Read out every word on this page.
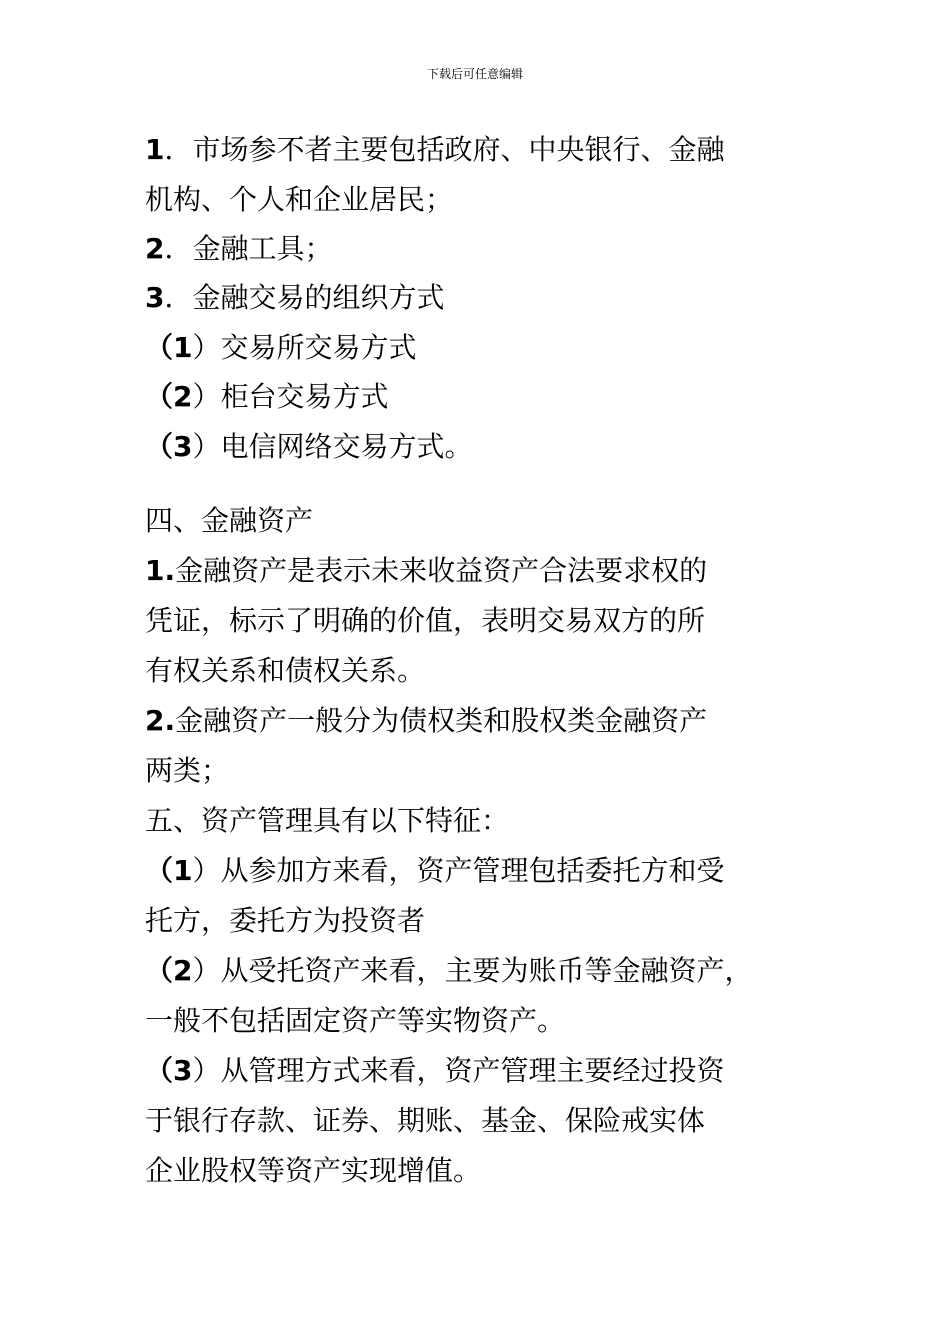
下载后可任意编辑
1．市场参不者主要包括政府、中央银行、金融
机构、个人和企业居民；
2．金融工具；
3．金融交易的组织方式
（1）交易所交易方式
（2）柜台交易方式
（3）电信网络交易方式。
四、金融资产
1.金融资产是表示未来收益资产合法要求权的
凭证，标示了明确的价值，表明交易双方的所
有权关系和债权关系。
2.金融资产一般分为债权类和股权类金融资产
两类；
五、资产管理具有以下特征：
（1）从参加方来看，资产管理包括委托方和受
托方，委托方为投资者
（2）从受托资产来看，主要为账币等金融资产，
一般不包括固定资产等实物资产。
（3）从管理方式来看，资产管理主要经过投资
于银行存款、证券、期账、基金、保险戒实体
企业股权等资产实现增值。
